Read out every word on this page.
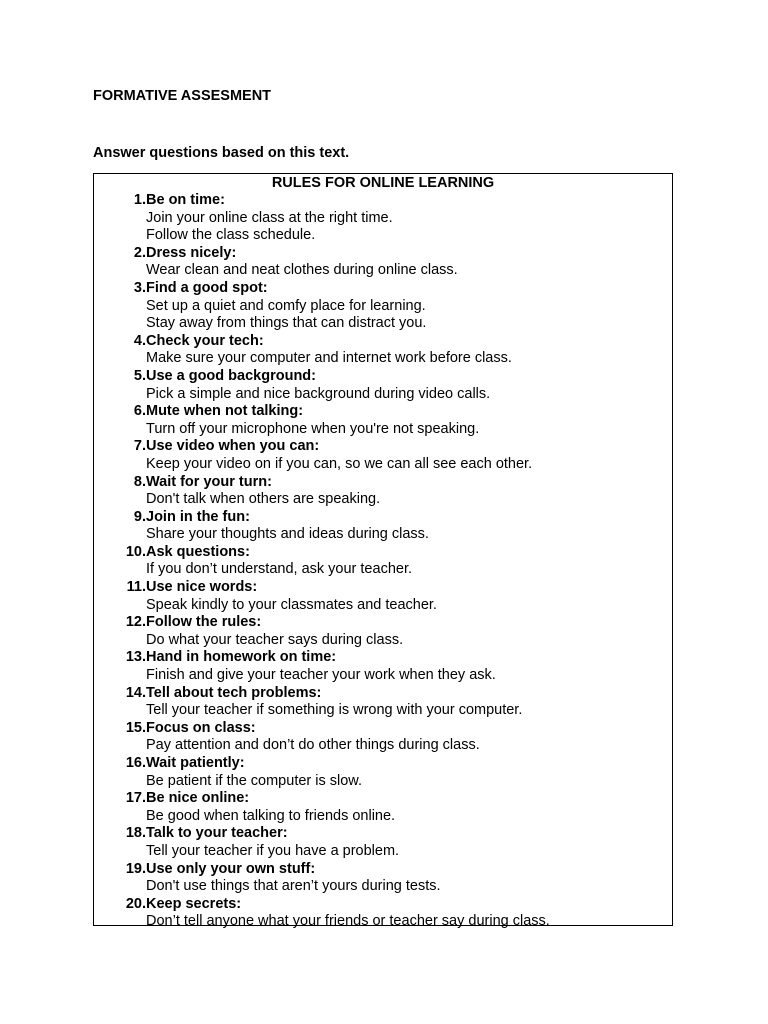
FORMATIVE ASSESMENT
Answer questions based on this text.
RULES FOR ONLINE LEARNING
1. Be on time:
Join your online class at the right time.
Follow the class schedule.
2. Dress nicely:
Wear clean and neat clothes during online class.
3. Find a good spot:
Set up a quiet and comfy place for learning.
Stay away from things that can distract you.
4. Check your tech:
Make sure your computer and internet work before class.
5. Use a good background:
Pick a simple and nice background during video calls.
6. Mute when not talking:
Turn off your microphone when you're not speaking.
7. Use video when you can:
Keep your video on if you can, so we can all see each other.
8. Wait for your turn:
Don't talk when others are speaking.
9. Join in the fun:
Share your thoughts and ideas during class.
10. Ask questions:
If you don’t understand, ask your teacher.
11. Use nice words:
Speak kindly to your classmates and teacher.
12. Follow the rules:
Do what your teacher says during class.
13. Hand in homework on time:
Finish and give your teacher your work when they ask.
14. Tell about tech problems:
Tell your teacher if something is wrong with your computer.
15. Focus on class:
Pay attention and don’t do other things during class.
16. Wait patiently:
Be patient if the computer is slow.
17. Be nice online:
Be good when talking to friends online.
18. Talk to your teacher:
Tell your teacher if you have a problem.
19. Use only your own stuff:
Don't use things that aren’t yours during tests.
20. Keep secrets:
Don’t tell anyone what your friends or teacher say during class.
